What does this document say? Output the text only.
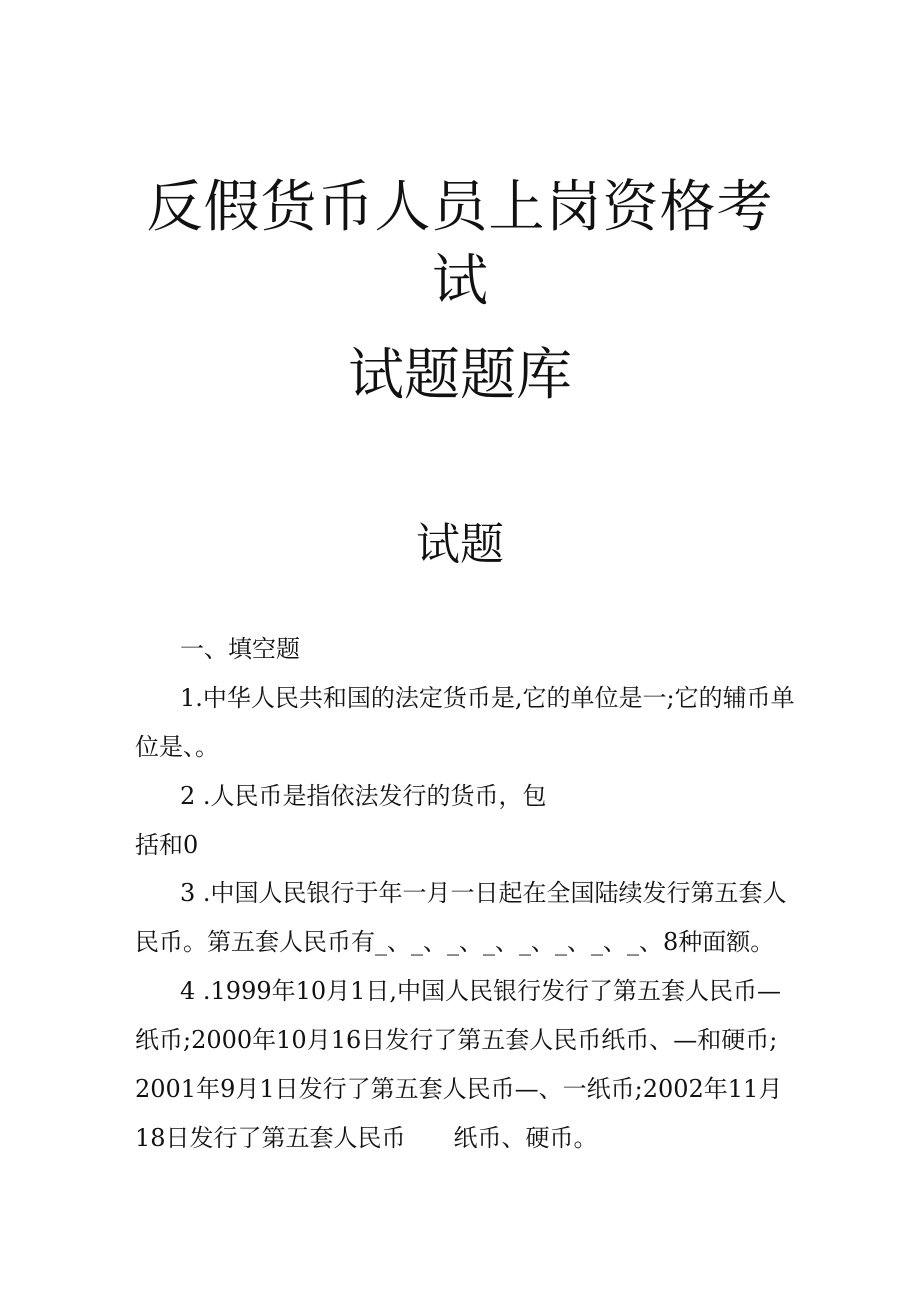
反假货币人员上岗资格考
试
试题题库
试题

一、填空题

1.中华人民共和国的法定货币是,它的单位是一;它的辅币单

位是、。

2 .人民币是指依法发行的货币，包

括和0

3 .中国人民银行于年一月一日起在全国陆续发行第五套人

民币。第五套人民币有_、_、_、_、_、_、_、_、8种面额。

4 .1999年10月1日,中国人民银行发行了第五套人民币—

纸币;2000年10月16日发行了第五套人民币纸币、—和硬币;

2001年9月1日发行了第五套人民币—、一纸币;2002年11月

18日发行了第五套人民币　　纸币、硬币。
